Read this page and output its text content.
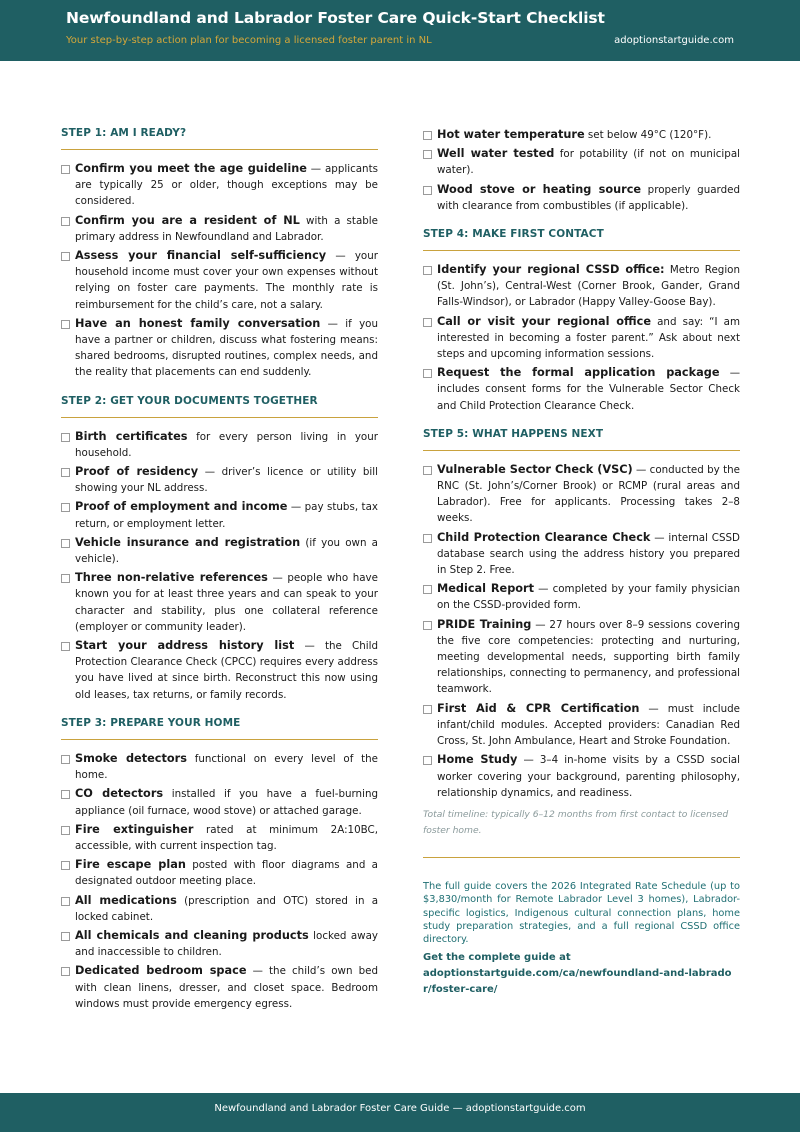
Newfoundland and Labrador Foster Care Quick-Start Checklist
Your step-by-step action plan for becoming a licensed foster parent in NL	adoptionstartguide.com
STEP 1: AM I READY?
Confirm you meet the age guideline — applicants are typically 25 or older, though exceptions may be considered.
Confirm you are a resident of NL with a stable primary address in Newfoundland and Labrador.
Assess your financial self-sufficiency — your household income must cover your own expenses without relying on foster care payments. The monthly rate is reimbursement for the child’s care, not a salary.
Have an honest family conversation — if you have a partner or children, discuss what fostering means: shared bedrooms, disrupted routines, complex needs, and the reality that placements can end suddenly.
STEP 2: GET YOUR DOCUMENTS TOGETHER
Birth certificates for every person living in your household.
Proof of residency — driver’s licence or utility bill showing your NL address.
Proof of employment and income — pay stubs, tax return, or employment letter.
Vehicle insurance and registration (if you own a vehicle).
Three non-relative references — people who have known you for at least three years and can speak to your character and stability, plus one collateral reference (employer or community leader).
Start your address history list — the Child Protection Clearance Check (CPCC) requires every address you have lived at since birth. Reconstruct this now using old leases, tax returns, or family records.
STEP 3: PREPARE YOUR HOME
Smoke detectors functional on every level of the home.
CO detectors installed if you have a fuel-burning appliance (oil furnace, wood stove) or attached garage.
Fire extinguisher rated at minimum 2A:10BC, accessible, with current inspection tag.
Fire escape plan posted with floor diagrams and a designated outdoor meeting place.
All medications (prescription and OTC) stored in a locked cabinet.
All chemicals and cleaning products locked away and inaccessible to children.
Dedicated bedroom space — the child’s own bed with clean linens, dresser, and closet space. Bedroom windows must provide emergency egress.
Hot water temperature set below 49°C (120°F).
Well water tested for potability (if not on municipal water).
Wood stove or heating source properly guarded with clearance from combustibles (if applicable).
STEP 4: MAKE FIRST CONTACT
Identify your regional CSSD office: Metro Region (St. John’s), Central-West (Corner Brook, Gander, Grand Falls-Windsor), or Labrador (Happy Valley-Goose Bay).
Call or visit your regional office and say: “I am interested in becoming a foster parent.” Ask about next steps and upcoming information sessions.
Request the formal application package — includes consent forms for the Vulnerable Sector Check and Child Protection Clearance Check.
STEP 5: WHAT HAPPENS NEXT
Vulnerable Sector Check (VSC) — conducted by the RNC (St. John’s/Corner Brook) or RCMP (rural areas and Labrador). Free for applicants. Processing takes 2–8 weeks.
Child Protection Clearance Check — internal CSSD database search using the address history you prepared in Step 2. Free.
Medical Report — completed by your family physician on the CSSD-provided form.
PRIDE Training — 27 hours over 8–9 sessions covering the five core competencies: protecting and nurturing, meeting developmental needs, supporting birth family relationships, connecting to permanency, and professional teamwork.
First Aid & CPR Certification — must include infant/child modules. Accepted providers: Canadian Red Cross, St. John Ambulance, Heart and Stroke Foundation.
Home Study — 3–4 in-home visits by a CSSD social worker covering your background, parenting philosophy, relationship dynamics, and readiness.
Total timeline: typically 6–12 months from first contact to licensed foster home.
The full guide covers the 2026 Integrated Rate Schedule (up to $3,830/month for Remote Labrador Level 3 homes), Labrador-specific logistics, Indigenous cultural connection plans, home study preparation strategies, and a full regional CSSD office directory.
Get the complete guide at
adoptionstartguide.com/ca/newfoundland-and-labrador/foster-care/
Newfoundland and Labrador Foster Care Guide — adoptionstartguide.com
